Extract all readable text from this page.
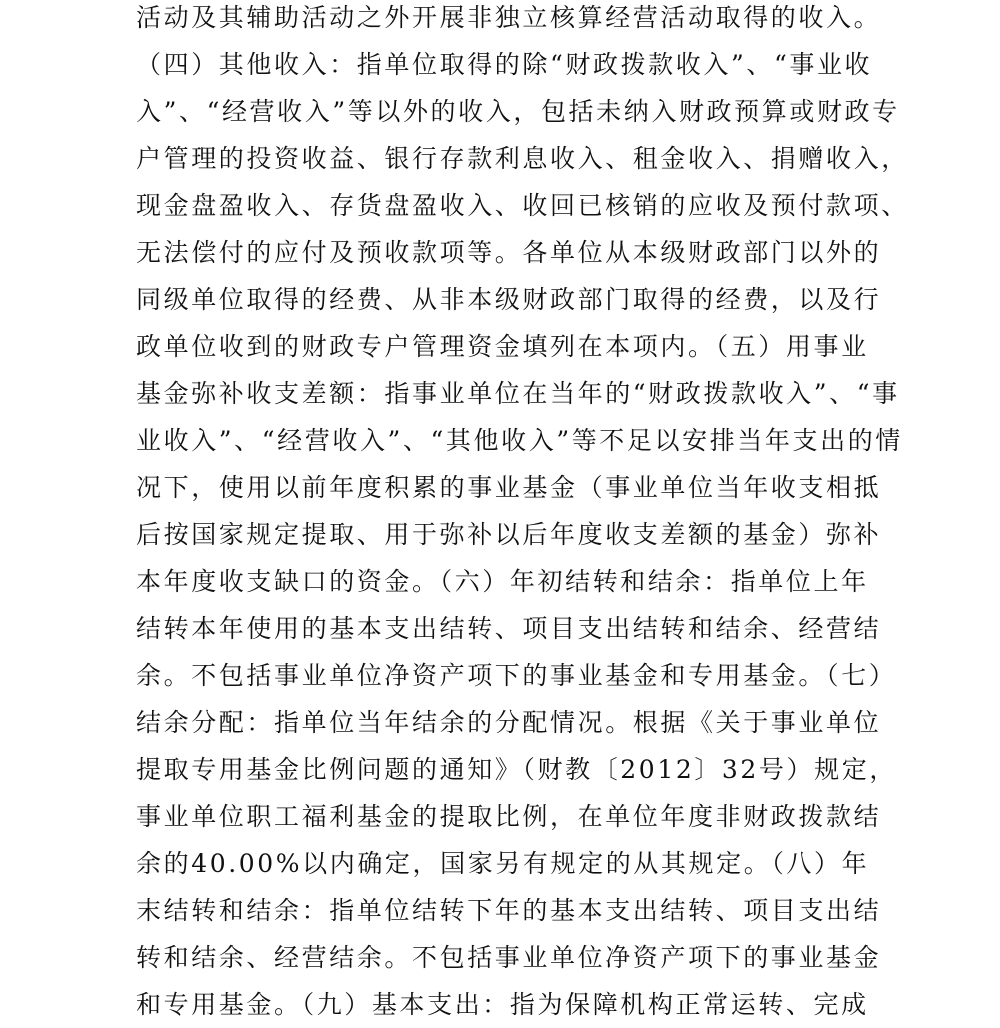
活动及其辅助活动之外开展非独立核算经营活动取得的收入。
（四）其他收入：指单位取得的除“财政拨款收入”、“事业收
入”、“经营收入”等以外的收入，包括未纳入财政预算或财政专
户管理的投资收益、银行存款利息收入、租金收入、捐赠收入，
现金盘盈收入、存货盘盈收入、收回已核销的应收及预付款项、
无法偿付的应付及预收款项等。各单位从本级财政部门以外的
同级单位取得的经费、从非本级财政部门取得的经费，以及行
政单位收到的财政专户管理资金填列在本项内。（五）用事业
基金弥补收支差额：指事业单位在当年的“财政拨款收入”、“事
业收入”、“经营收入”、“其他收入”等不足以安排当年支出的情
况下，使用以前年度积累的事业基金（事业单位当年收支相抵
后按国家规定提取、用于弥补以后年度收支差额的基金）弥补
本年度收支缺口的资金。（六）年初结转和结余：指单位上年
结转本年使用的基本支出结转、项目支出结转和结余、经营结
余。不包括事业单位净资产项下的事业基金和专用基金。（七）
结余分配：指单位当年结余的分配情况。根据《关于事业单位
提取专用基金比例问题的通知》（财教〔2012〕32号）规定，
事业单位职工福利基金的提取比例，在单位年度非财政拨款结
余的40.00%以内确定，国家另有规定的从其规定。（八）年
末结转和结余：指单位结转下年的基本支出结转、项目支出结
转和结余、经营结余。不包括事业单位净资产项下的事业基金
和专用基金。（九）基本支出：指为保障机构正常运转、完成
